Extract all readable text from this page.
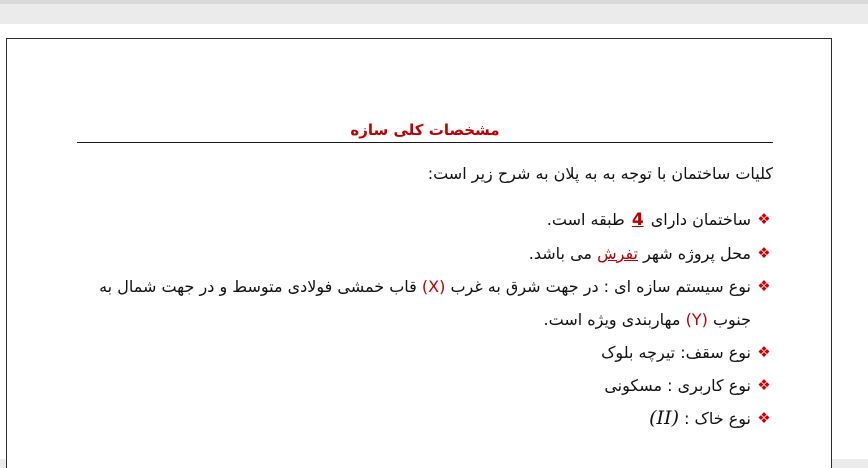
مشخصات کلی سازه
کلیات ساختمان با توجه به به پلان به شرح زیر است:
❖
ساختمان دارای 4 طبقه است.
❖
محل پروژه شهر تفرش می باشد.
❖
نوع سیستم سازه ای : در جهت شرق به غرب (X) قاب خمشی فولادی متوسط و در جهت شمال به جنوب (Y) مهاربندی ویژه است.
❖
نوع سقف: تیرچه بلوک
❖
نوع کاربری : مسکونی
❖
نوع خاک : (II)
